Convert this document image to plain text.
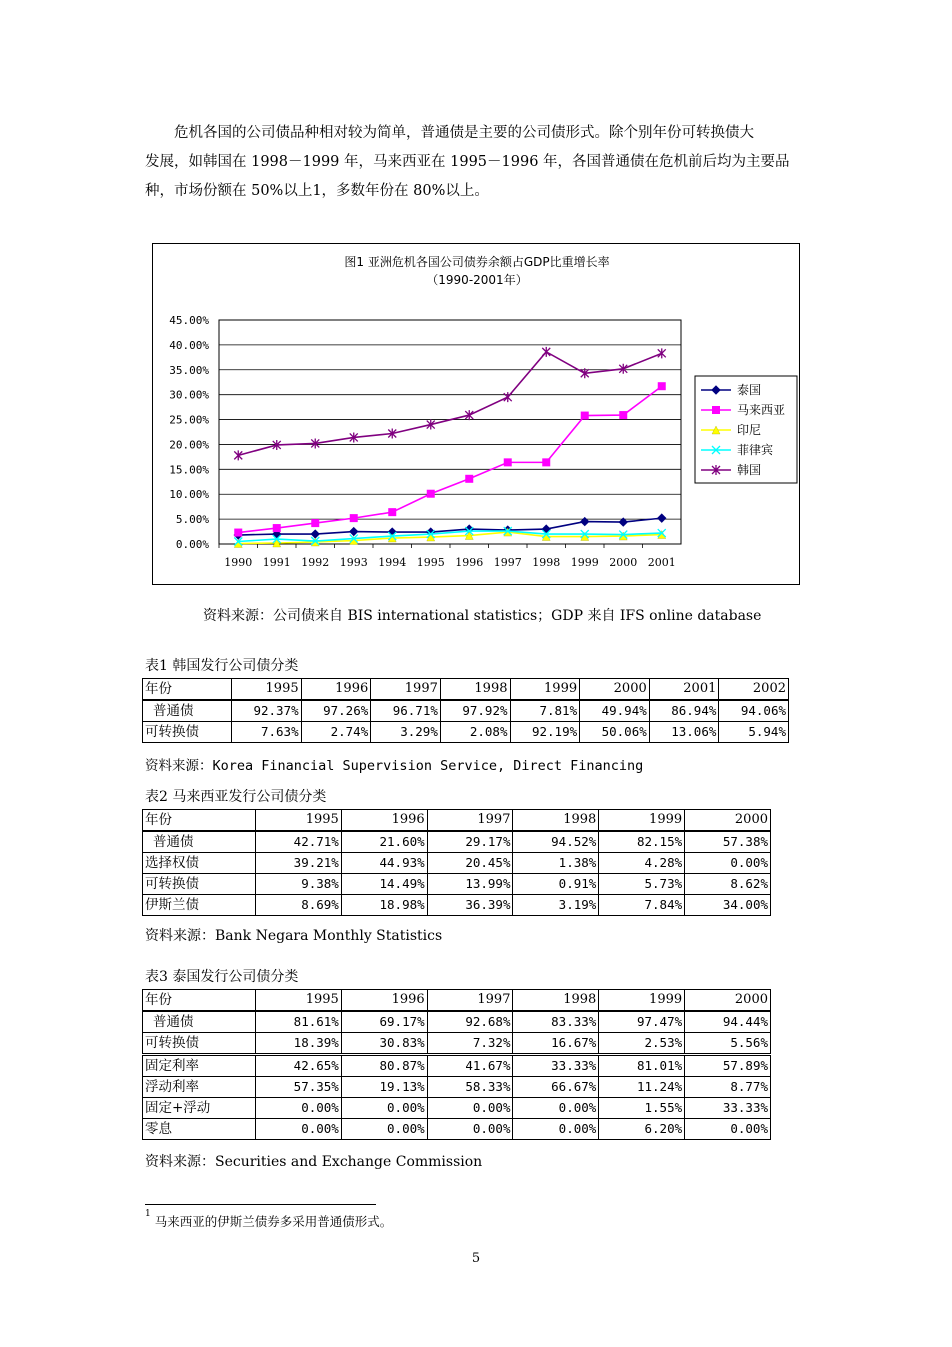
危机各国的公司债品种相对较为简单，普通债是主要的公司债形式。除个别年份可转换债大
发展，如韩国在 1998－1999 年，马来西亚在 1995－1996 年，各国普通债在危机前后均为主要品
种，市场份额在 50%以上1，多数年份在 80%以上。
图1 亚洲危机各国公司债券余额占GDP比重增长率
（1990-2001年）
0.00%
5.00%
10.00%
15.00%
20.00%
25.00%
30.00%
35.00%
40.00%
45.00%
1990 1991 1992 1993 1994 1995 1996 1997 1998 1999 2000 2001
泰国
马来西亚
印尼
菲律宾
韩国
资料来源：公司债来自 BIS international statistics；GDP 来自 IFS online database
表1 韩国发行公司债分类
年份	1995	1996	1997	1998	1999	2000	2001	2002
普通债	92.37%	97.26%	96.71%	97.92%	7.81%	49.94%	86.94%	94.06%
可转换债	7.63%	2.74%	3.29%	2.08%	92.19%	50.06%	13.06%	5.94%
资料来源：Korea Financial Supervision Service, Direct Financing
表2 马来西亚发行公司债分类
年份	1995	1996	1997	1998	1999	2000
普通债	42.71%	21.60%	29.17%	94.52%	82.15%	57.38%
选择权债	39.21%	44.93%	20.45%	1.38%	4.28%	0.00%
可转换债	9.38%	14.49%	13.99%	0.91%	5.73%	8.62%
伊斯兰债	8.69%	18.98%	36.39%	3.19%	7.84%	34.00%
资料来源：Bank Negara Monthly Statistics
表3 泰国发行公司债分类
年份	1995	1996	1997	1998	1999	2000
普通债	81.61%	69.17%	92.68%	83.33%	97.47%	94.44%
可转换债	18.39%	30.83%	7.32%	16.67%	2.53%	5.56%
固定利率	42.65%	80.87%	41.67%	33.33%	81.01%	57.89%
浮动利率	57.35%	19.13%	58.33%	66.67%	11.24%	8.77%
固定+浮动	0.00%	0.00%	0.00%	0.00%	1.55%	33.33%
零息	0.00%	0.00%	0.00%	0.00%	6.20%	0.00%
资料来源：Securities and Exchange Commission
$^1$ 马来西亚的伊斯兰债券多采用普通债形式。
5
